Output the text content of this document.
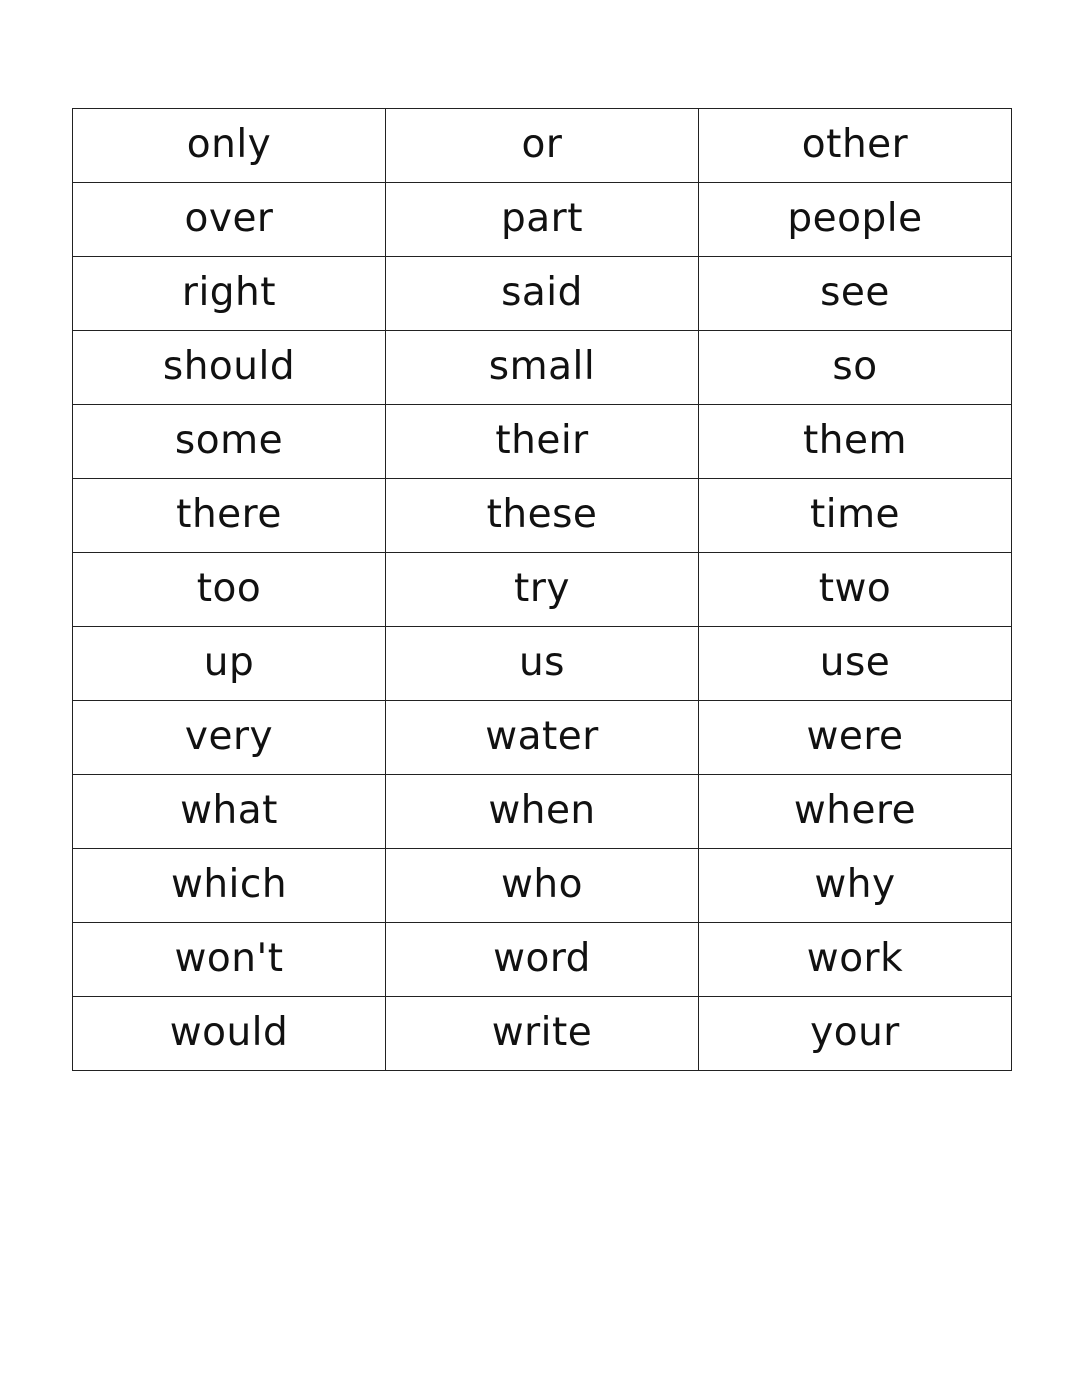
only	or	other
over	part	people
right	said	see
should	small	so
some	their	them
there	these	time
too	try	two
up	us	use
very	water	were
what	when	where
which	who	why
won't	word	work
would	write	your
